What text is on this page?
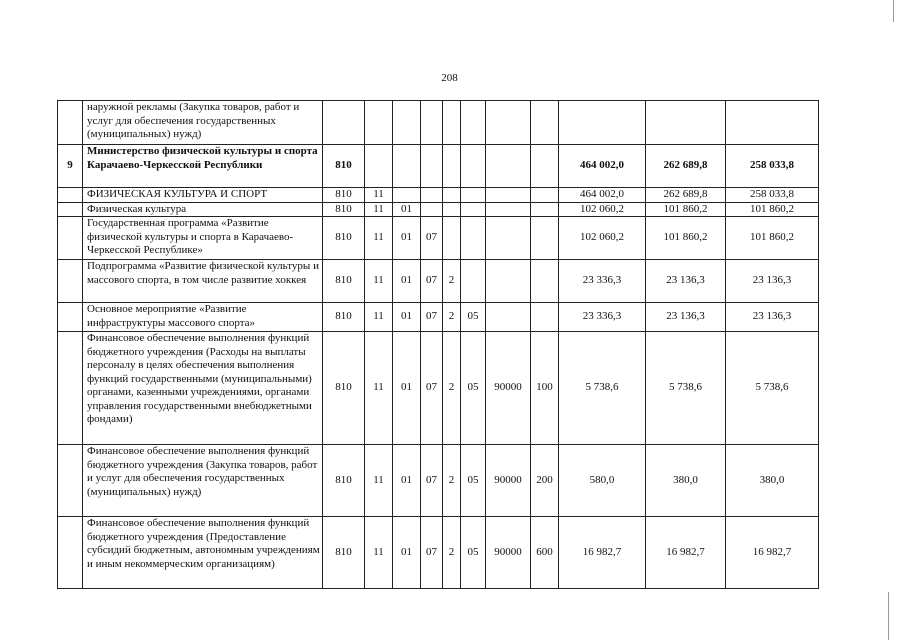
208
	наружной рекламы (Закупка товаров, работ и услуг для обеспечения государственных (муниципальных) нужд)											
9	Министерство физической культуры и спорта Карачаево-Черкесской Республики	810								464 002,0	262 689,8	258 033,8
	ФИЗИЧЕСКАЯ КУЛЬТУРА И СПОРТ	810	11							464 002,0	262 689,8	258 033,8
	Физическая культура	810	11	01						102 060,2	101 860,2	101 860,2
	Государственная программа «Развитие физической культуры и спорта в Карачаево-Черкесской Республике»	810	11	01	07					102 060,2	101 860,2	101 860,2
	Подпрограмма «Развитие физической культуры и массового спорта, в том числе развитие хоккея	810	11	01	07	2				23 336,3	23 136,3	23 136,3
	Основное мероприятие «Развитие инфраструктуры массового спорта»	810	11	01	07	2	05			23 336,3	23 136,3	23 136,3
	Финансовое обеспечение выполнения функций бюджетного учреждения (Расходы на выплаты персоналу в целях обеспечения выполнения функций государственными (муниципальными) органами, казенными учреждениями, органами управления государственными внебюджетными фондами)	810	11	01	07	2	05	90000	100	5 738,6	5 738,6	5 738,6
	Финансовое обеспечение выполнения функций бюджетного учреждения (Закупка товаров, работ и услуг для обеспечения государственных (муниципальных) нужд)	810	11	01	07	2	05	90000	200	580,0	380,0	380,0
	Финансовое обеспечение выполнения функций бюджетного учреждения (Предоставление субсидий бюджетным, автономным учреждениям и иным некоммерческим организациям)	810	11	01	07	2	05	90000	600	16 982,7	16 982,7	16 982,7
